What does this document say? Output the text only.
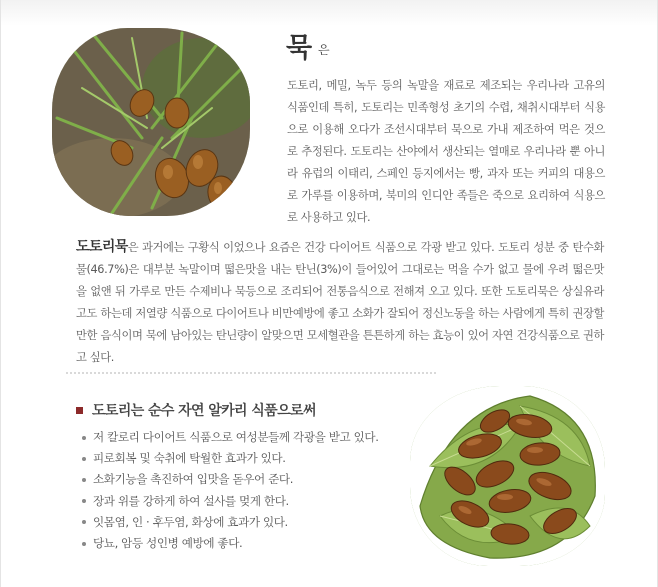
묵 은
도토리, 메밀, 녹두 등의 녹말을 재료로 제조되는 우리나라 고유의 식품인데 특히, 도토리는 민족형성 초기의 수렵, 채취시대부터 식용으로 이용해 오다가 조선시대부터 묵으로 가내 제조하여 먹은 것으로 추정된다. 도토리는 산야에서 생산되는 열매로 우리나라 뿐 아니라 유럽의 이태리, 스페인 등지에서는 빵, 과자 또는 커피의 대용으로 가루를 이용하며, 북미의 인디안 족들은 죽으로 요리하여 식용으로 사용하고 있다.
도토리묵은 과거에는 구황식 이었으나 요즘은 건강 다이어트 식품으로 각광 받고 있다. 도토리 성분 중 탄수화물(46.7%)은 대부분 녹말이며 떫은맛을 내는 탄닌(3%)이 들어있어 그대로는 먹을 수가 없고 물에 우려 떫은맛을 없앤 뒤 가루로 만든 수제비나 묵등으로 조리되어 전통음식으로 전해져 오고 있다. 또한 도토리묵은 상실유라고도 하는데 저열량 식품으로 다이어트나 비만예방에 좋고 소화가 잘되어 정신노동을 하는 사람에게 특히 권장할 만한 음식이며 묵에 남아있는 탄닌량이 알맞으면 모세혈관을 튼튼하게 하는 효능이 있어 자연 건강식품으로 권하고 싶다.
도토리는 순수 자연 알카리 식품으로써
저 칼로리 다이어트 식품으로 여성분들께 각광을 받고 있다.
피로회복 및 숙취에 탁월한 효과가 있다.
소화기능을 촉진하여 입맛을 돋우어 준다.
장과 위를 강하게 하여 설사를 멎게 한다.
잇몸염, 인 · 후두염, 화상에 효과가 있다.
당뇨, 암등 성인병 예방에 좋다.
